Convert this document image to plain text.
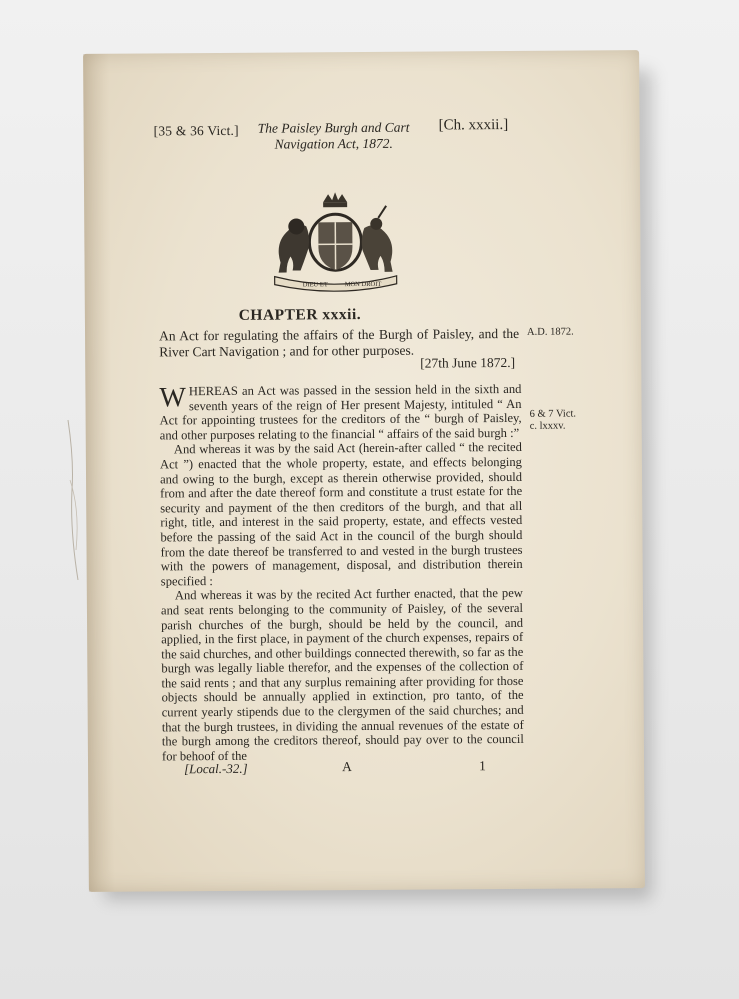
[35 & 36 Vict.]	The Paisley Burgh and Cart
Navigation Act, 1872.
[Ch. xxxii.]
DIEU ET	MON DROIT
CHAPTER xxxii.
An Act for regulating the affairs of the Burgh of Paisley, and the River Cart Navigation ; and for other purposes.
[27th June 1872.]
A.D. 1872.
6 & 7 Vict.
c. lxxxv.

WHEREAS an Act was passed in the session held in the sixth and seventh years of the reign of Her present Majesty, intituled “ An Act for appointing trustees for the creditors of the “ burgh of Paisley, and other purposes relating to the financial “ affairs of the said burgh :”

And whereas it was by the said Act (herein-after called “ the recited Act ”) enacted that the whole property, estate, and effects belonging and owing to the burgh, except as therein otherwise provided, should from and after the date thereof form and constitute a trust estate for the security and payment of the then creditors of the burgh, and that all right, title, and interest in the said property, estate, and effects vested before the passing of the said Act in the council of the burgh should from the date thereof be transferred to and vested in the burgh trustees with the powers of management, disposal, and distribution therein specified :

And whereas it was by the recited Act further enacted, that the pew and seat rents belonging to the community of Paisley, of the several parish churches of the burgh, should be held by the council, and applied, in the first place, in payment of the church expenses, repairs of the said churches, and other buildings connected therewith, so far as the burgh was legally liable therefor, and the expenses of the collection of the said rents ; and that any surplus remaining after providing for those objects should be annually applied in extinction, pro tanto, of the current yearly stipends due to the clergymen of the said churches; and that the burgh trustees, in dividing the annual revenues of the estate of the burgh among the creditors thereof, should pay over to the council for behoof of the

[Local.-32.]	A	1
